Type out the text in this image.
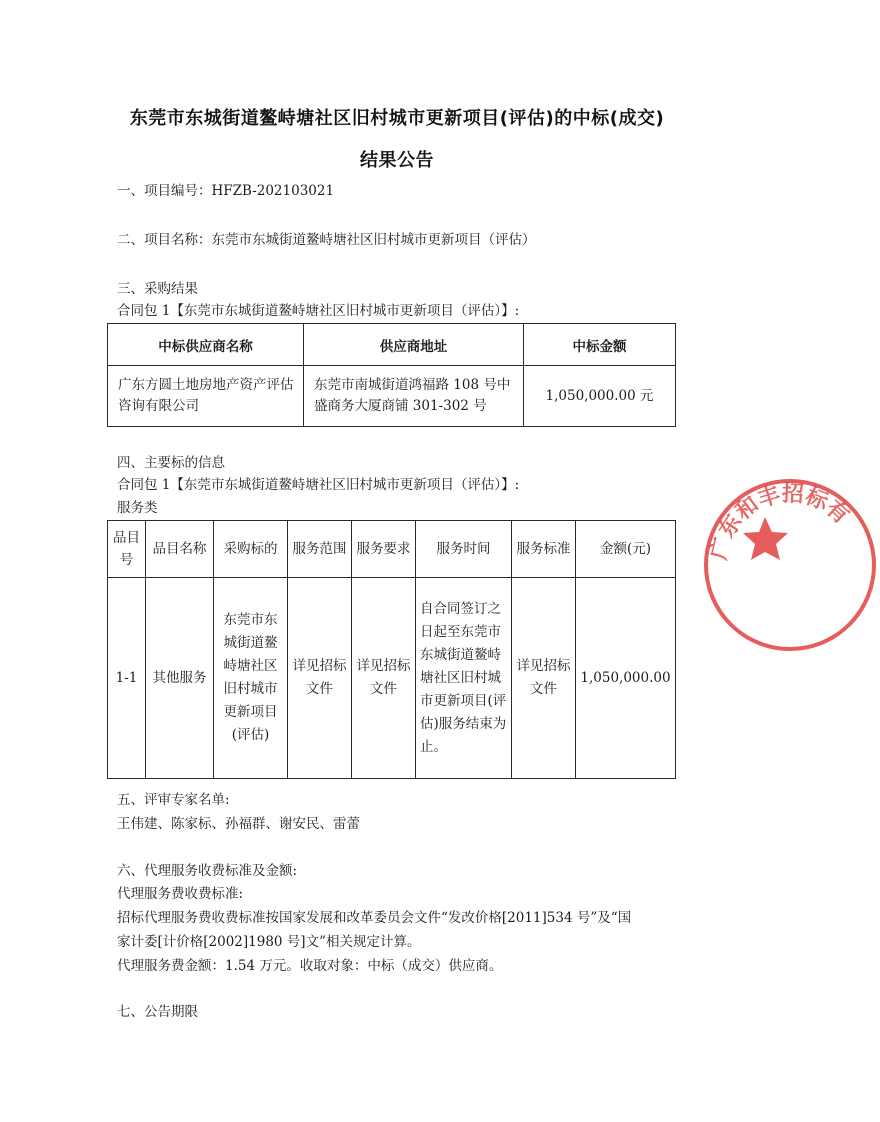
东莞市东城街道鳌峙塘社区旧村城市更新项目(评估)的中标(成交)
结果公告
一、项目编号：HFZB-202103021
二、项目名称：东莞市东城街道鳌峙塘社区旧村城市更新项目（评估）
三、采购结果
合同包 1【东莞市东城街道鳌峙塘社区旧村城市更新项目（评估）】:
中标供应商名称	供应商地址	中标金额
广东方圆土地房地产资产评估咨询有限公司	东莞市南城街道鸿福路 108 号中盛商务大厦商铺 301-302 号	1,050,000.00 元
四、主要标的信息
合同包 1【东莞市东城街道鳌峙塘社区旧村城市更新项目（评估）】:
服务类
品目号	品目名称	采购标的	服务范围	服务要求	服务时间	服务标准	金额(元)
1-1	其他服务	东莞市东城街道鳌峙塘社区旧村城市更新项目(评估)	详见招标文件	详见招标文件	自合同签订之日起至东莞市东城街道鳌峙塘社区旧村城市更新项目(评估)服务结束为止。	详见招标文件	1,050,000.00
五、评审专家名单:
王伟建、陈家标、孙福群、谢安民、雷蕾
六、代理服务收费标准及金额:
代理服务费收费标准:
招标代理服务费收费标准按国家发展和改革委员会文件“发改价格[2011]534 号”及“国
家计委[计价格[2002]1980 号]文”相关规定计算。
代理服务费金额：1.54 万元。收取对象：中标（成交）供应商。
七、公告期限
广东和丰招标有
